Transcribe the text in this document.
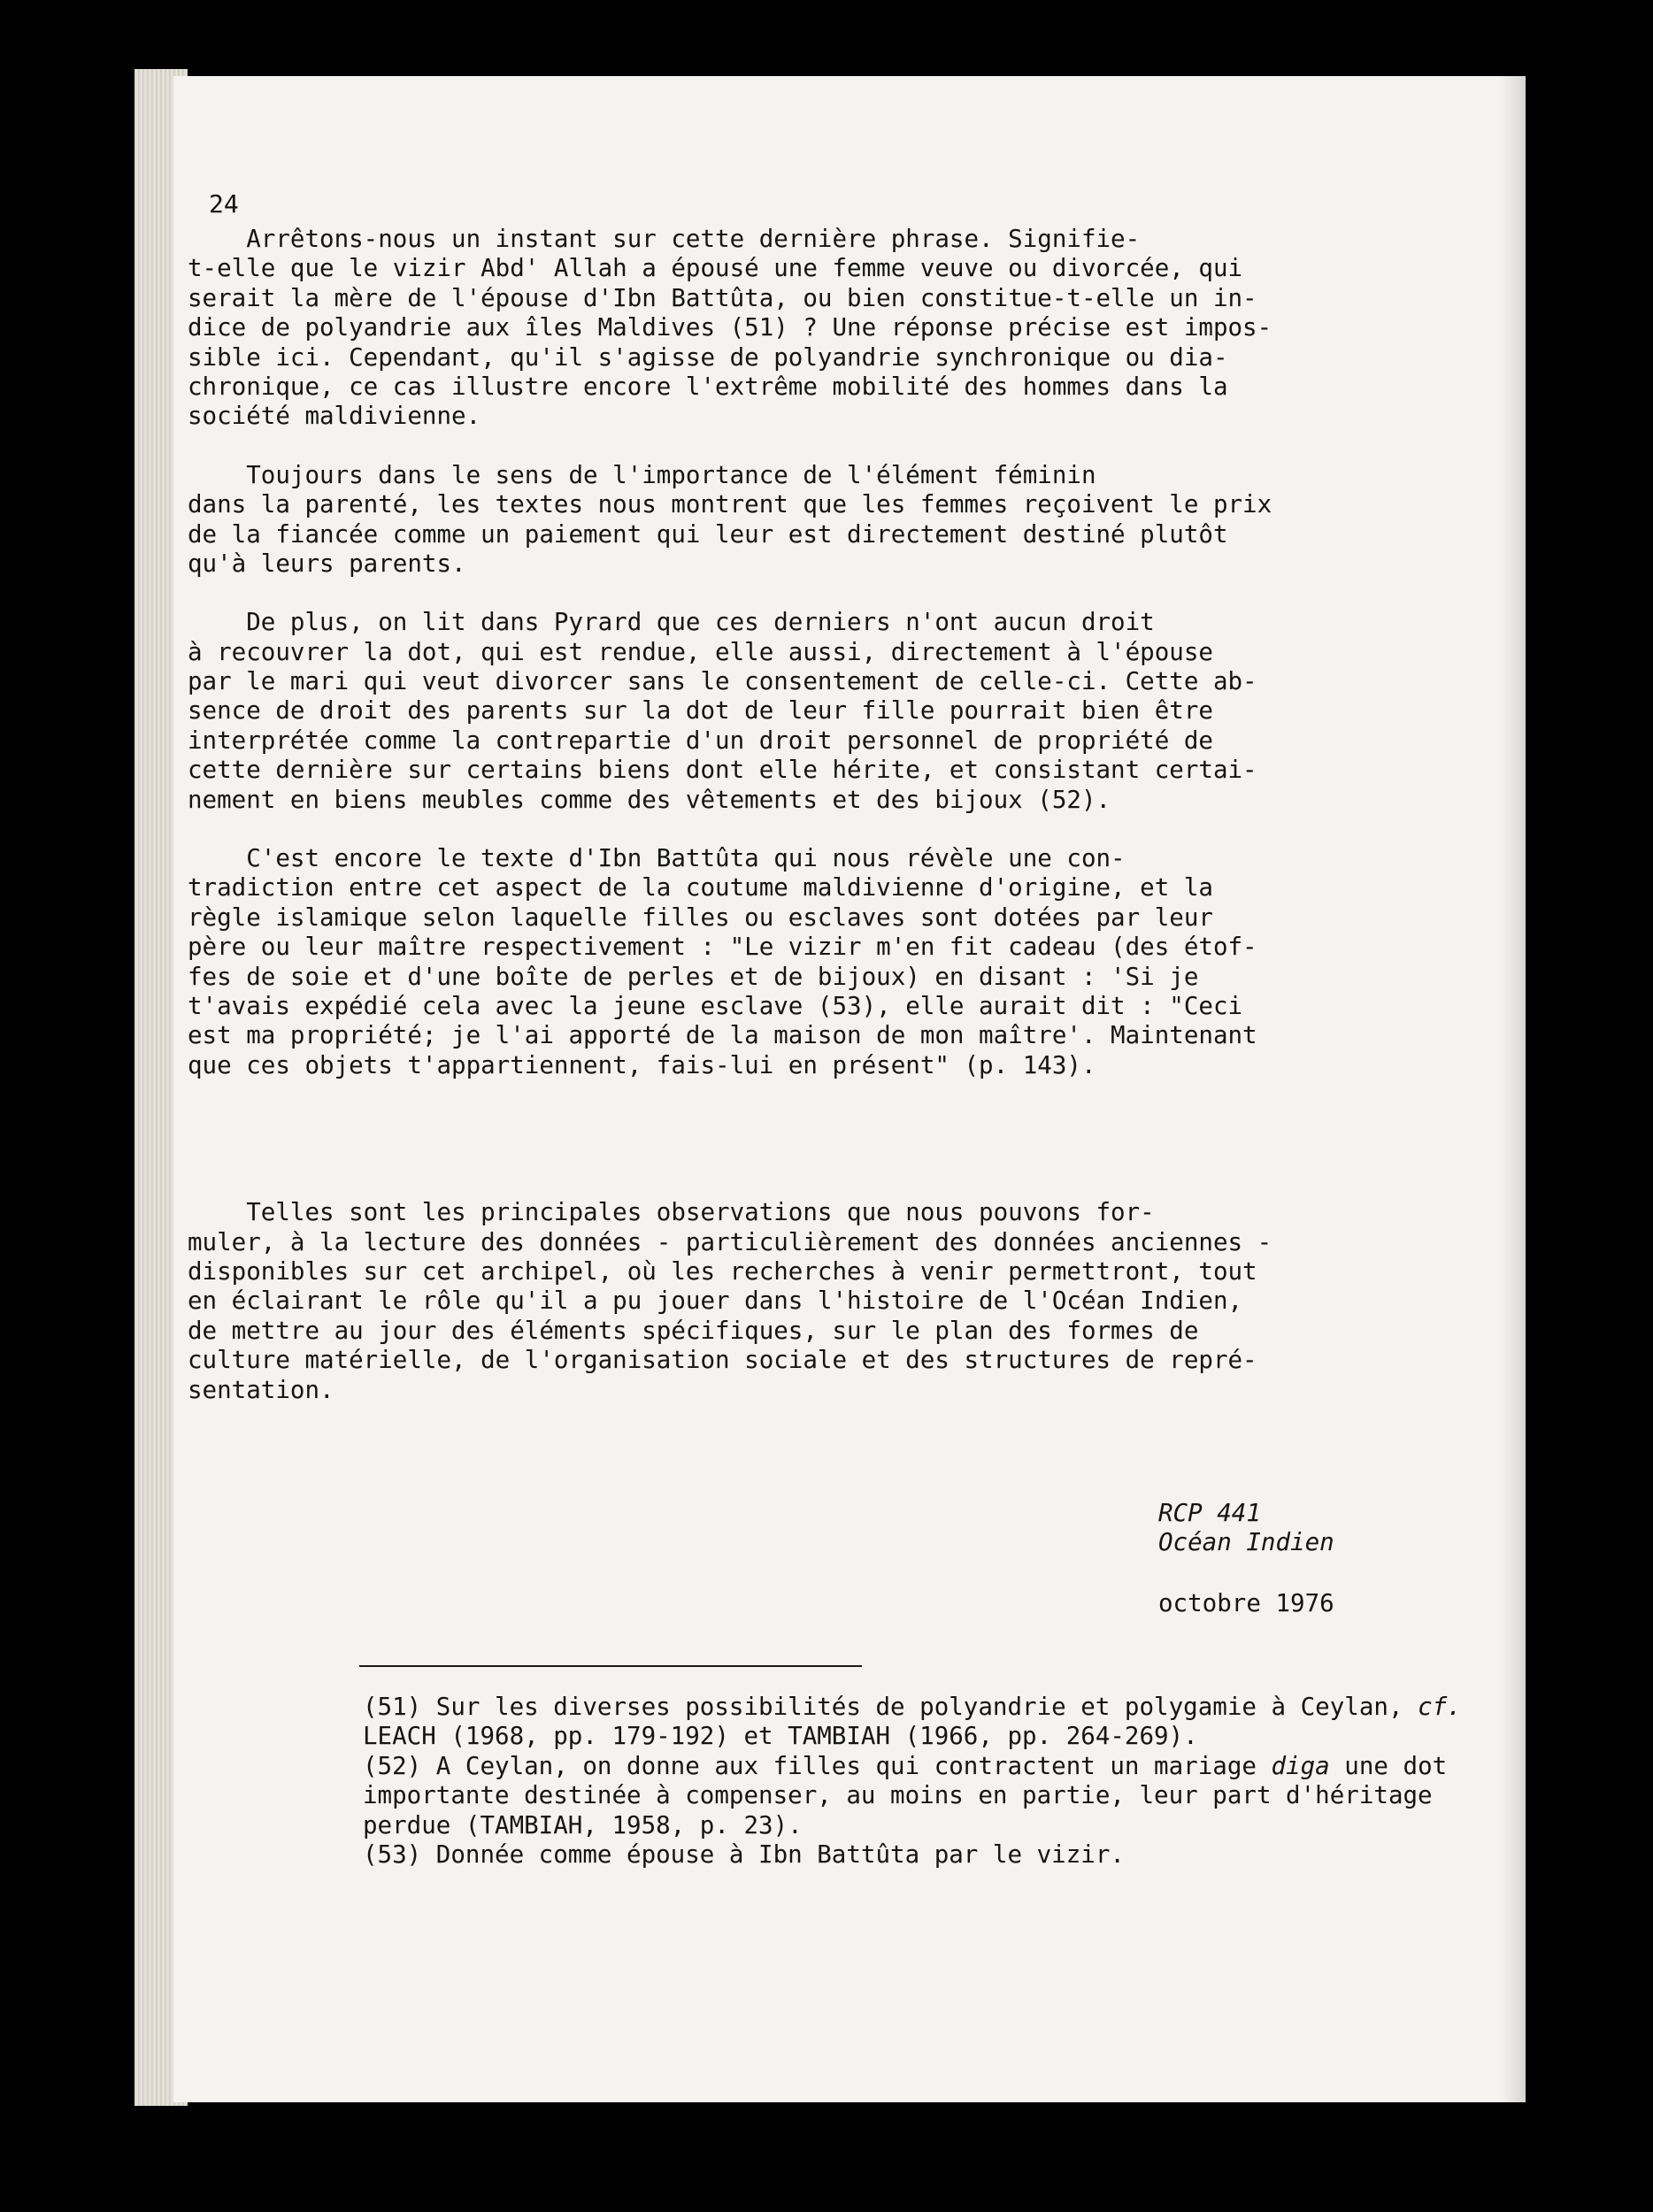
24
Arrêtons-nous un instant sur cette dernière phrase. Signifie-
t-elle que le vizir Abd' Allah a épousé une femme veuve ou divorcée, qui
serait la mère de l'épouse d'Ibn Battûta, ou bien constitue-t-elle un in-
dice de polyandrie aux îles Maldives (51) ? Une réponse précise est impos-
sible ici. Cependant, qu'il s'agisse de polyandrie synchronique ou dia-
chronique, ce cas illustre encore l'extrême mobilité des hommes dans la
société maldivienne.
Toujours dans le sens de l'importance de l'élément féminin
dans la parenté, les textes nous montrent que les femmes reçoivent le prix
de la fiancée comme un paiement qui leur est directement destiné plutôt
qu'à leurs parents.
De plus, on lit dans Pyrard que ces derniers n'ont aucun droit
à recouvrer la dot, qui est rendue, elle aussi, directement à l'épouse
par le mari qui veut divorcer sans le consentement de celle-ci. Cette ab-
sence de droit des parents sur la dot de leur fille pourrait bien être
interprétée comme la contrepartie d'un droit personnel de propriété de
cette dernière sur certains biens dont elle hérite, et consistant certai-
nement en biens meubles comme des vêtements et des bijoux (52).
C'est encore le texte d'Ibn Battûta qui nous révèle une con-
tradiction entre cet aspect de la coutume maldivienne d'origine, et la
règle islamique selon laquelle filles ou esclaves sont dotées par leur
père ou leur maître respectivement : "Le vizir m'en fit cadeau (des étof-
fes de soie et d'une boîte de perles et de bijoux) en disant : 'Si je
t'avais expédié cela avec la jeune esclave (53), elle aurait dit : "Ceci
est ma propriété; je l'ai apporté de la maison de mon maître'. Maintenant
que ces objets t'appartiennent, fais-lui en présent" (p. 143).
Telles sont les principales observations que nous pouvons for-
muler, à la lecture des données - particulièrement des données anciennes -
disponibles sur cet archipel, où les recherches à venir permettront, tout
en éclairant le rôle qu'il a pu jouer dans l'histoire de l'Océan Indien,
de mettre au jour des éléments spécifiques, sur le plan des formes de
culture matérielle, de l'organisation sociale et des structures de repré-
sentation.
RCP 441
Océan Indien
octobre 1976
(51) Sur les diverses possibilités de polyandrie et polygamie à Ceylan, cf.
LEACH (1968, pp. 179-192) et TAMBIAH (1966, pp. 264-269).
(52) A Ceylan, on donne aux filles qui contractent un mariage diga une dot
importante destinée à compenser, au moins en partie, leur part d'héritage
perdue (TAMBIAH, 1958, p. 23).
(53) Donnée comme épouse à Ibn Battûta par le vizir.
